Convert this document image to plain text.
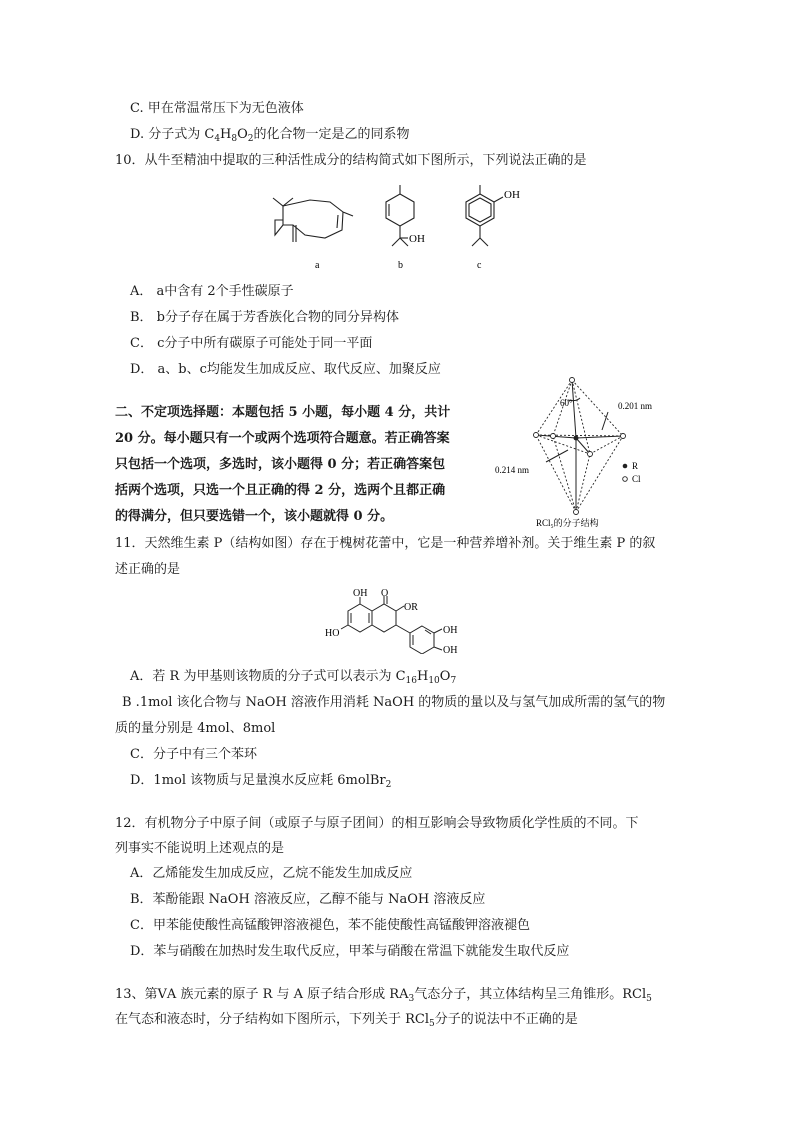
C. 甲在常温常压下为无色液体
D. 分子式为 $C_4H_8O_2$的化合物一定是乙的同系物
10．从牛至精油中提取的三种活性成分的结构简式如下图所示，下列说法正确的是
OH
OH
a	b	c
A． a中含有 2个手性碳原子
B． b分子存在属于芳香族化合物的同分异构体
C． c分子中所有碳原子可能处于同一平面
D． a、b、c均能发生加成反应、取代反应、加聚反应
二、不定项选择题：本题包括 5 小题，每小题 4 分，共计
20 分。每小题只有一个或两个选项符合题意。若正确答案
只包括一个选项，多选时，该小题得 0 分；若正确答案包
括两个选项，只选一个且正确的得 2 分，选两个且都正确
的得满分，但只要选错一个，该小题就得 0 分。
60°	0.201 nm
0.214 nm	R
Cl
RCl₅的分子结构
11．天然维生素 P（结构如图）存在于槐树花蕾中，它是一种营养增补剂。关于维生素 P 的叙
述正确的是
OH O
OR
HO	OH
OH
A．若 R 为甲基则该物质的分子式可以表示为 $C_{16}H_{10}O_7$
B .1mol 该化合物与 NaOH 溶液作用消耗 NaOH 的物质的量以及与氢气加成所需的氢气的物
质的量分别是 4mol、8mol
C．分子中有三个苯环
D．1mol 该物质与足量溴水反应耗 6molBr$_2$
12．有机物分子中原子间（或原子与原子团间）的相互影响会导致物质化学性质的不同。下
列事实不能说明上述观点的是
A．乙烯能发生加成反应，乙烷不能发生加成反应
B．苯酚能跟 NaOH 溶液反应，乙醇不能与 NaOH 溶液反应
C．甲苯能使酸性高锰酸钾溶液褪色，苯不能使酸性高锰酸钾溶液褪色
D．苯与硝酸在加热时发生取代反应，甲苯与硝酸在常温下就能发生取代反应
13、第ⅤA 族元素的原子 R 与 A 原子结合形成 $RA_3$气态分子，其立体结构呈三角锥形。RCl$_5$
在气态和液态时，分子结构如下图所示，下列关于 RCl$_5$分子的说法中不正确的是
